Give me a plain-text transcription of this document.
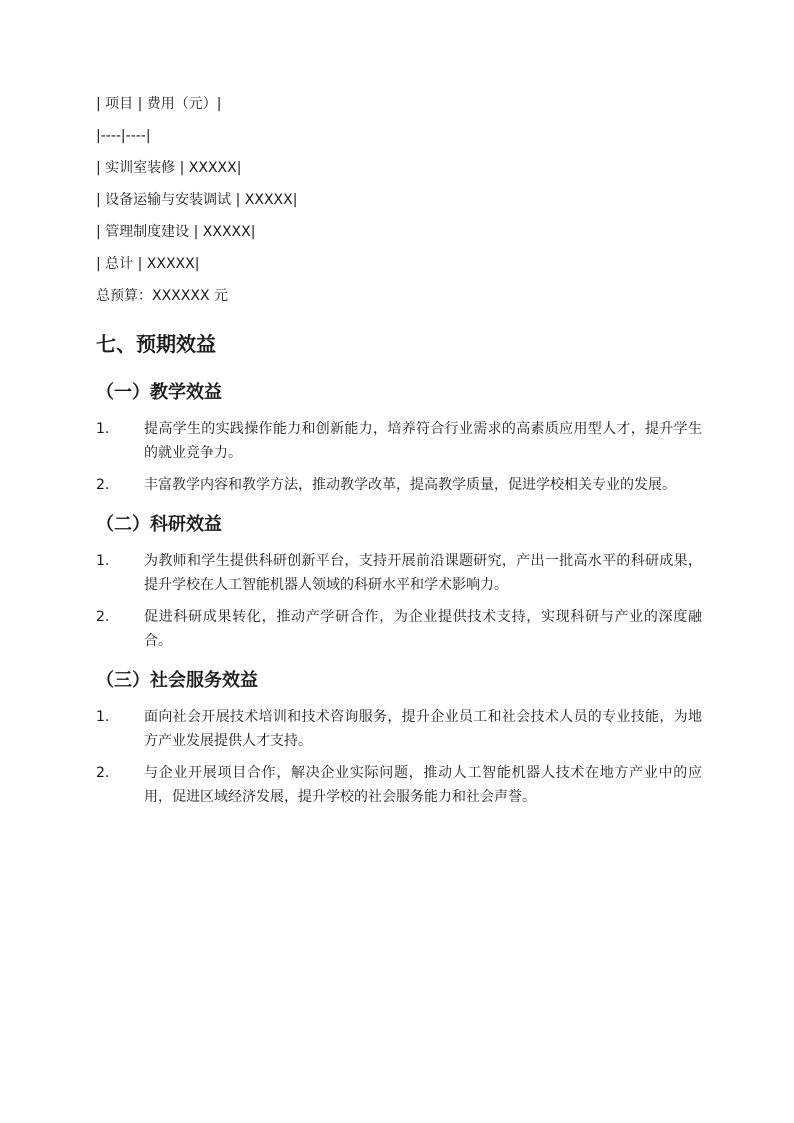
| 项目 | 费用（元）|
|----|----|
| 实训室装修 | XXXXX|
| 设备运输与安装调试 | XXXXX|
| 管理制度建设 | XXXXX|
| 总计 | XXXXX|
总预算：XXXXXX 元
七、预期效益
（一）教学效益
1.	提高学生的实践操作能力和创新能力，培养符合行业需求的高素质应用型人才，提升学生的就业竞争力。
2.	丰富教学内容和教学方法，推动教学改革，提高教学质量，促进学校相关专业的发展。
（二）科研效益
1.	为教师和学生提供科研创新平台，支持开展前沿课题研究，产出一批高水平的科研成果，提升学校在人工智能机器人领域的科研水平和学术影响力。
2.	促进科研成果转化，推动产学研合作，为企业提供技术支持，实现科研与产业的深度融合。
（三）社会服务效益
1.	面向社会开展技术培训和技术咨询服务，提升企业员工和社会技术人员的专业技能，为地方产业发展提供人才支持。
2.	与企业开展项目合作，解决企业实际问题，推动人工智能机器人技术在地方产业中的应用，促进区域经济发展，提升学校的社会服务能力和社会声誉。
